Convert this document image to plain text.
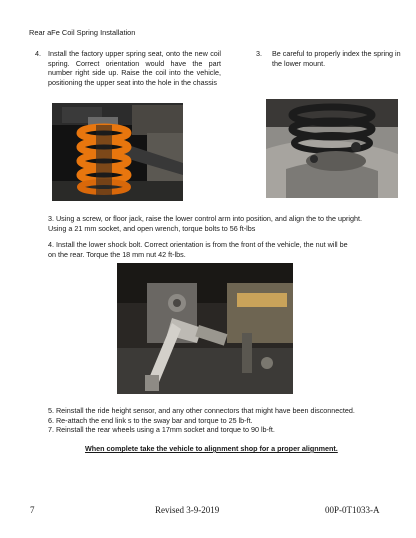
Rear aFe Coil Spring Installation
4. Install the factory upper spring seat, onto the new coil spring. Correct orientation would have the part number right side up. Raise the coil into the vehicle, positioning the upper seat into the hole in the chassis
3.	Be careful to properly index the spring in the lower mount.
3. Using a screw, or floor jack, raise the lower control arm into position, and align the to the upright.
Using a 21 mm socket, and open wrench, torque bolts to 56 ft-lbs
4. Install the lower shock bolt. Correct orientation is from the front of the vehicle, the nut will be
on the rear. Torque the 18 mm nut 42 ft-lbs.
5. Reinstall the ride height sensor, and any other connectors that might have been disconnected.
6. Re-attach the end link s to the sway bar and torque to 25 lb-ft.
7. Reinstall the rear wheels using a 17mm socket and torque to 90 lb-ft.
When complete take the vehicle to alignment shop for a proper alignment.
7	Revised 3-9-2019	00P-0T1033-A
